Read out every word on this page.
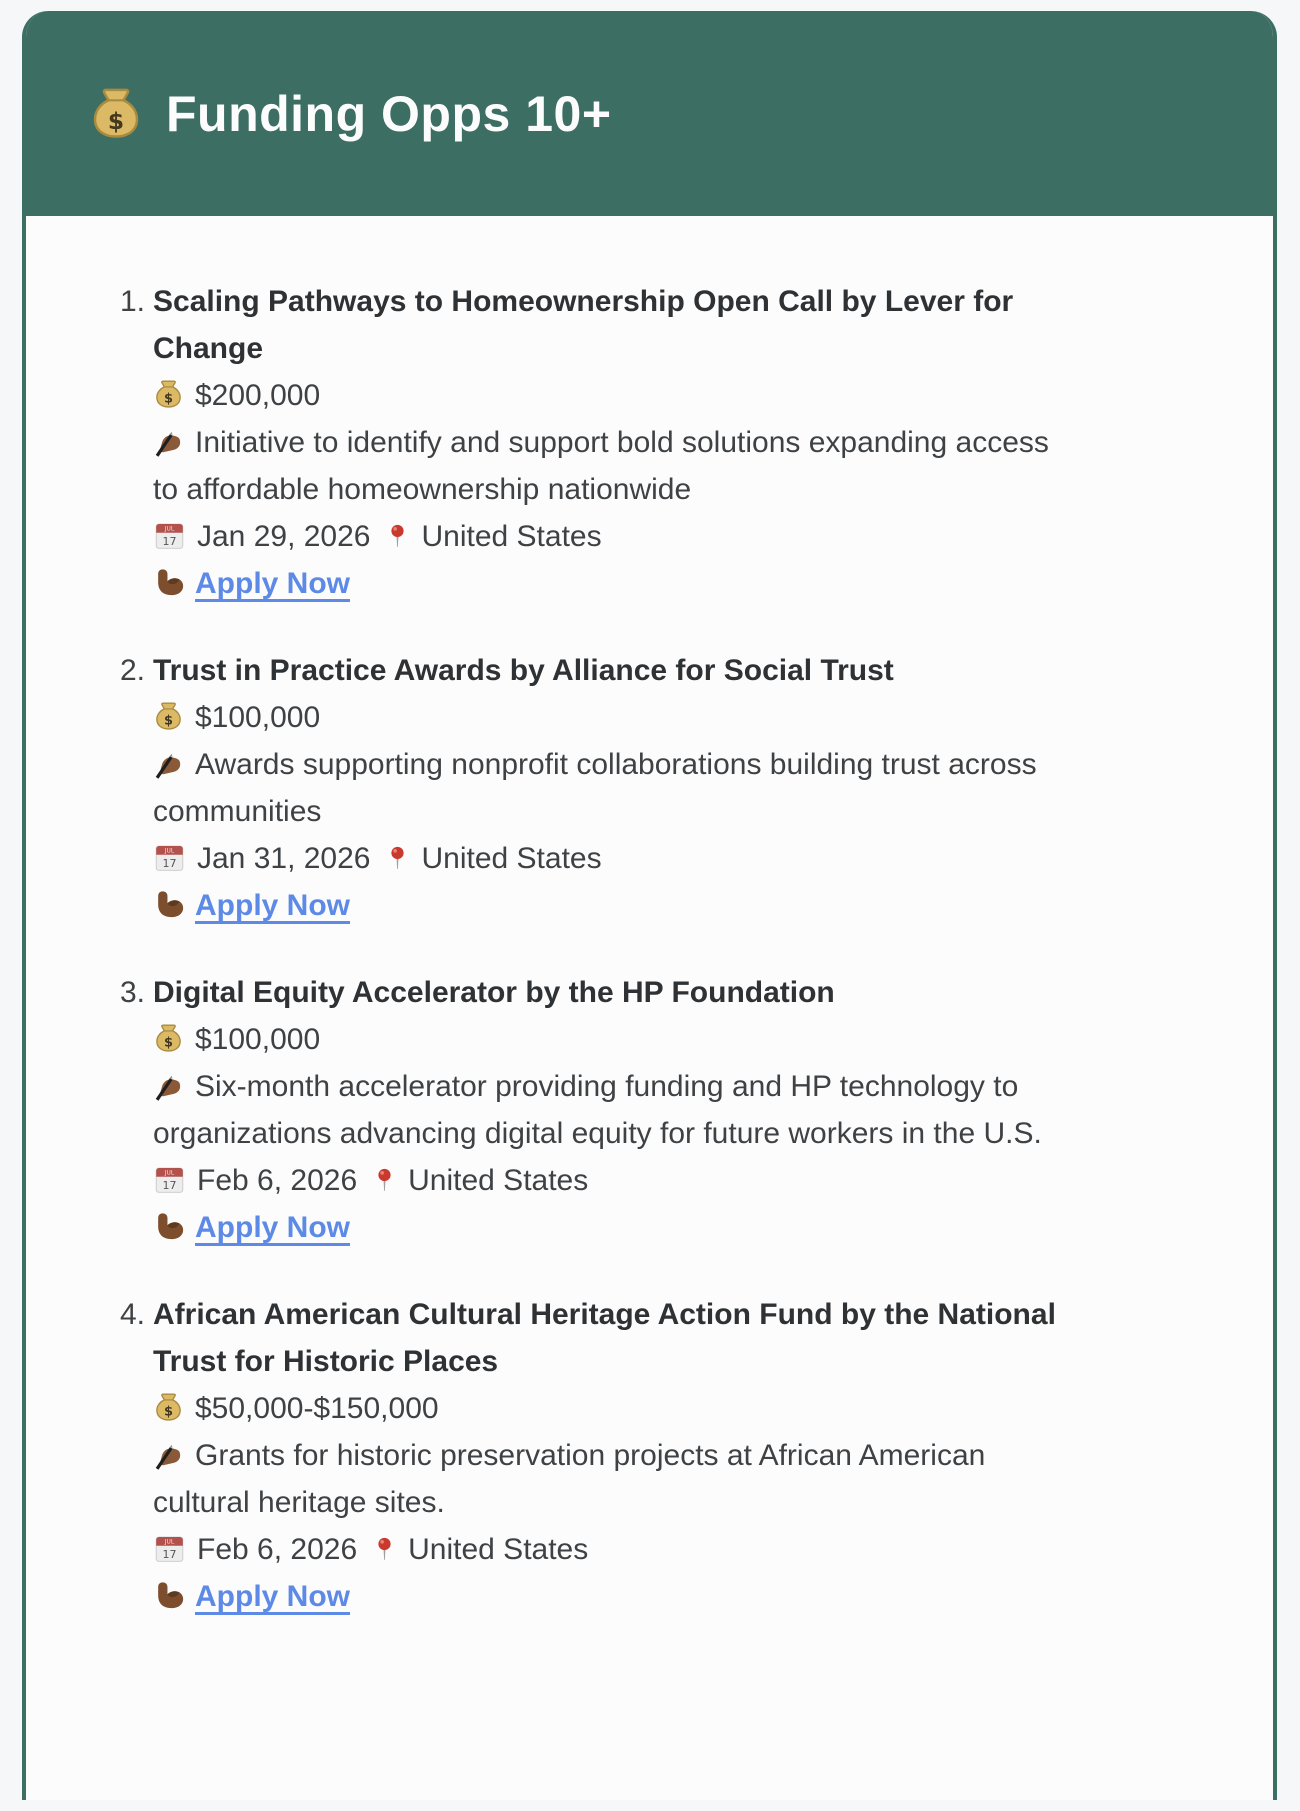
Funding Opps 10+
1. Scaling Pathways to Homeownership Open Call by Lever for Change
$200,000
Initiative to identify and support bold solutions expanding access to affordable homeownership nationwide
Jan 29, 2026 United States
Apply Now
2. Trust in Practice Awards by Alliance for Social Trust
$100,000
Awards supporting nonprofit collaborations building trust across communities
Jan 31, 2026 United States
Apply Now
3. Digital Equity Accelerator by the HP Foundation
$100,000
Six-month accelerator providing funding and HP technology to organizations advancing digital equity for future workers in the U.S.
Feb 6, 2026 United States
Apply Now
4. African American Cultural Heritage Action Fund by the National Trust for Historic Places
$50,000-$150,000
Grants for historic preservation projects at African American cultural heritage sites.
Feb 6, 2026 United States
Apply Now
